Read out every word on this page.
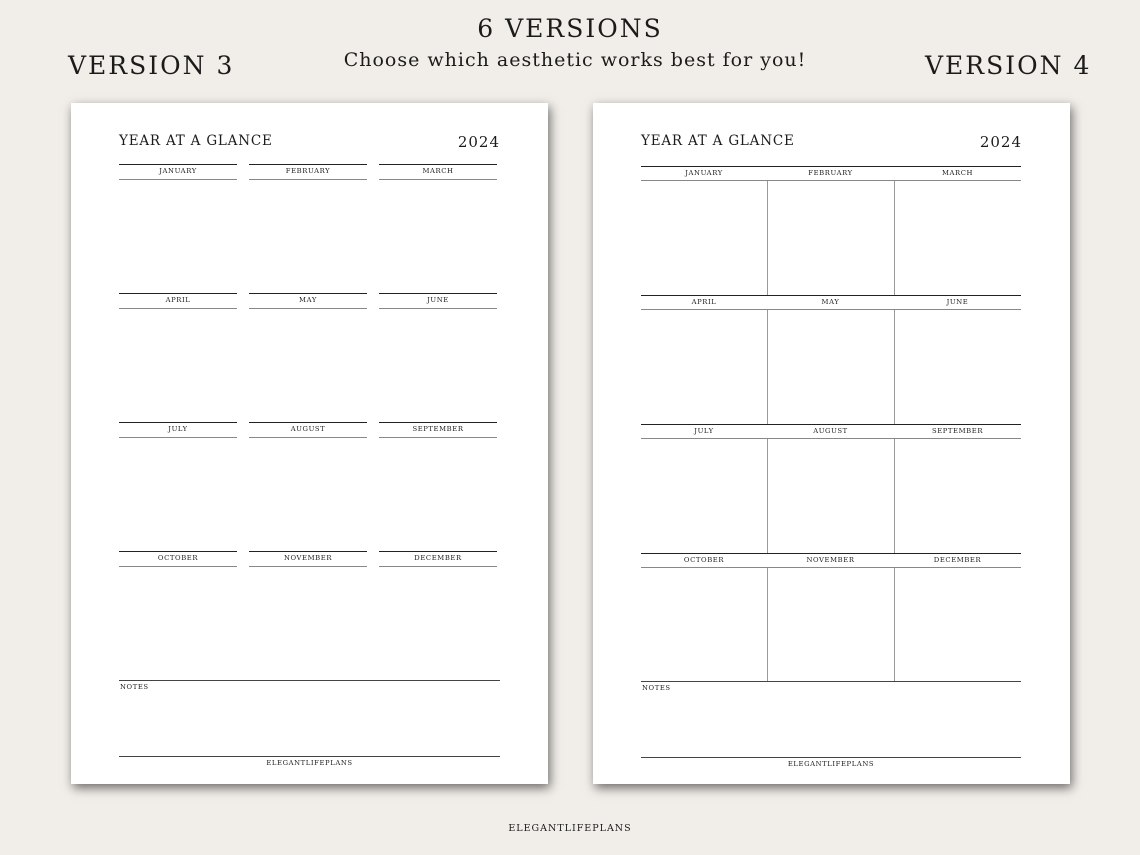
6 VERSIONS
Choose which aesthetic works best for you!
VERSION 3	VERSION 4
YEAR AT A GLANCE	2024
JANUARY	FEBRUARY	MARCH
APRIL	MAY	JUNE
JULY	AUGUST	SEPTEMBER
OCTOBER	NOVEMBER	DECEMBER
NOTES
ELEGANTLIFEPLANS
YEAR AT A GLANCE	2024
JANUARY	FEBRUARY	MARCH
APRIL	MAY	JUNE
JULY	AUGUST	SEPTEMBER
OCTOBER	NOVEMBER	DECEMBER
NOTES
ELEGANTLIFEPLANS
ELEGANTLIFEPLANS
